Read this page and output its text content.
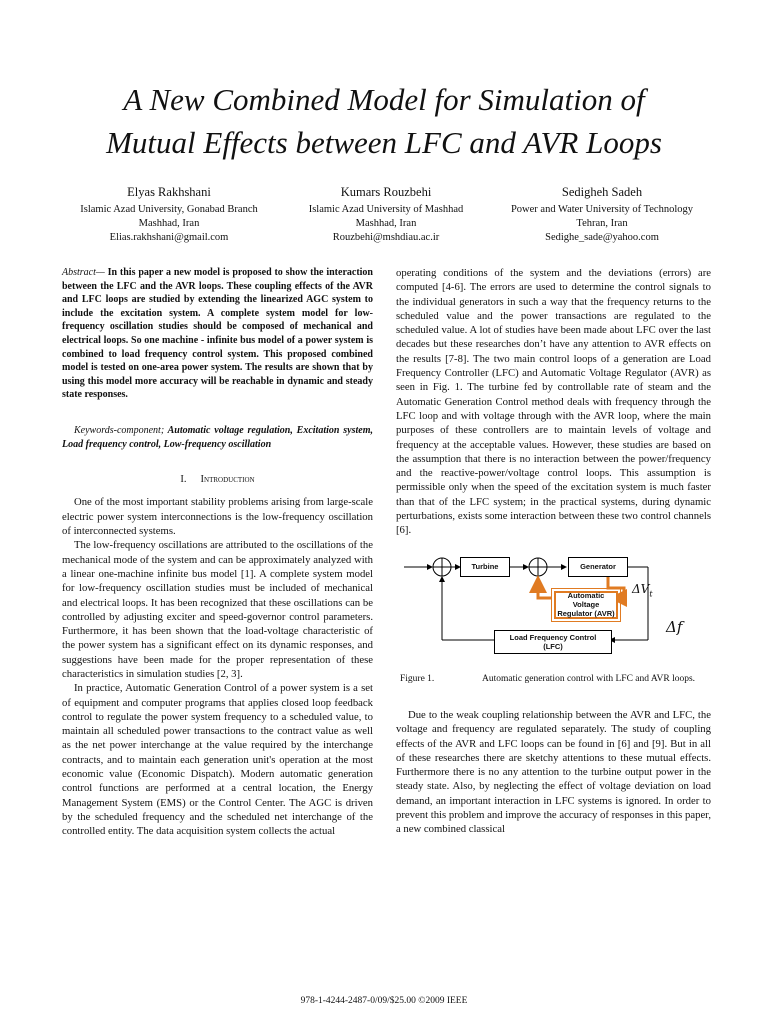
A New Combined Model for Simulation of
Mutual Effects between LFC and AVR Loops
Elyas Rakhshani
Islamic Azad University, Gonabad Branch
Mashhad, Iran
Elias.rakhshani@gmail.com
Kumars Rouzbehi
Islamic Azad University of Mashhad
Mashhad, Iran
Rouzbehi@mshdiau.ac.ir
Sedigheh Sadeh
Power and Water University of Technology
Tehran, Iran
Sedighe_sade@yahoo.com

Abstract— In this paper a new model is proposed to show the interaction between the LFC and the AVR loops. These coupling effects of the AVR and LFC loops are studied by extending the linearized AGC system to include the excitation system. A complete system model for low-frequency oscillation studies should be composed of mechanical and electrical loops. So one machine - infinite bus model of a power system is combined to load frequency control system. This proposed combined model is tested on one-area power system. The results are shown that by using this model more accuracy will be reachable in dynamic and steady state responses.

Keywords-component; Automatic voltage regulation, Excitation system, Load frequency control, Low-frequency oscillation

I. Introduction

One of the most important stability problems arising from large-scale electric power system interconnections is the low-frequency oscillation of interconnected systems.

The low-frequency oscillations are attributed to the oscillations of the mechanical mode of the system and can be approximately analyzed with a linear one-machine infinite bus model [1]. A complete system model for low-frequency oscillation studies must be included of mechanical and electrical loops. It has been recognized that these oscillations can be controlled by adjusting exciter and speed-governor control parameters. Furthermore, it has been shown that the load-voltage characteristic of the power system has a significant effect on its dynamic responses, and suggestions have been made for the proper representation of these characteristics in simulation studies [2, 3].

In practice, Automatic Generation Control of a power system is a set of equipment and computer programs that applies closed loop feedback control to regulate the power system frequency to a scheduled value, to maintain all scheduled power transactions to the contract value as well as the net power interchange at the value required by the interchange contracts, and to maintain each generation unit's operation at the most economic value (Economic Dispatch). Modern automatic generation control functions are performed at a central location, the Energy Management System (EMS) or the Control Center. The AGC is driven by the scheduled frequency and the scheduled net interchange of the controlled entity. The data acquisition system collects the actual

operating conditions of the system and the deviations (errors) are computed [4-6]. The errors are used to determine the control signals to the individual generators in such a way that the frequency returns to the scheduled value and the power transactions are regulated to the scheduled value. A lot of studies have been made about LFC over the last decades but these researches don’t have any attention to AVR effects on the results [7-8]. The two main control loops of a generation are Load Frequency Controller (LFC) and Automatic Voltage Regulator (AVR) as seen in Fig. 1. The turbine fed by controllable rate of steam and the Automatic Generation Control method deals with frequency through the LFC loop and with voltage through with the AVR loop, where the main purposes of these controllers are to maintain levels of voltage and frequency at the acceptable values. However, these studies are based on the assumption that there is no interaction between the power/frequency and the reactive-power/voltage control loops. This assumption is permissible only when the speed of the excitation system is much faster than that of the LFC system; in the practical systems, during dynamic perturbations, exists some interaction between these two control channels [6].

Turbine	Generator
Automatic Voltage
Regulator (AVR)
Load Frequency Control
(LFC)
$\Delta V_t$
Δf
Figure 1.	Automatic generation control with LFC and AVR loops.

Due to the weak coupling relationship between the AVR and LFC, the voltage and frequency are regulated separately. The study of coupling effects of the AVR and LFC loops can be found in [6] and [9]. But in all of these researches there are sketchy attentions to these mutual effects. Furthermore there is no any attention to the turbine output power in the steady state. Also, by neglecting the effect of voltage deviation on load demand, an important interaction in LFC systems is ignored. In order to prevent this problem and improve the accuracy of responses in this paper, a new combined classical

978-1-4244-2487-0/09/$25.00 ©2009 IEEE
